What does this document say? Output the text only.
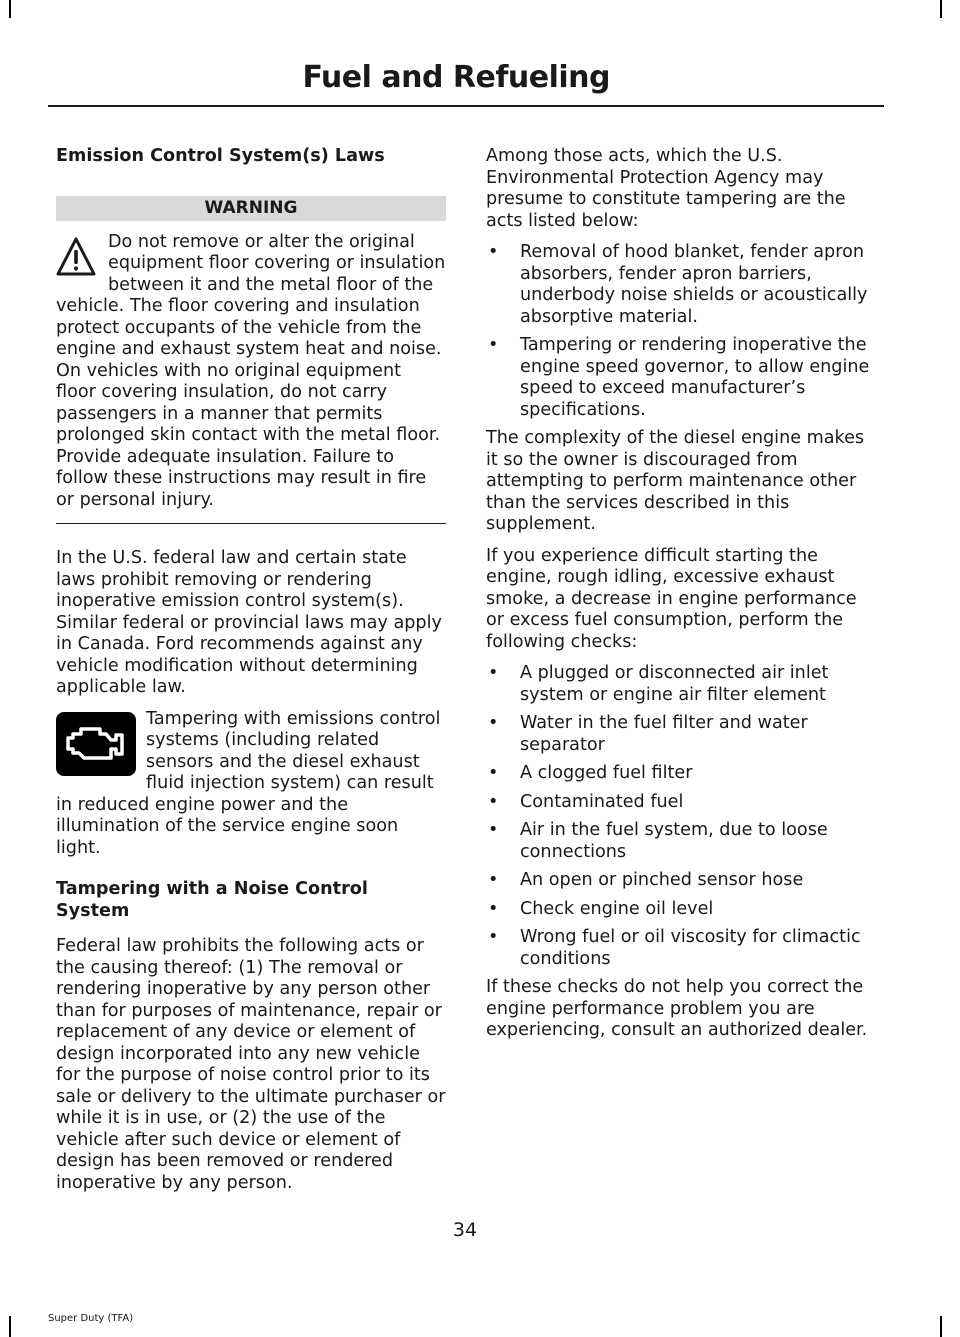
Fuel and Refueling

Emission Control System(s) Laws

WARNING

Do not remove or alter the original equipment floor covering or insulation between it and the metal floor of the vehicle. The floor covering and insulation protect occupants of the vehicle from the engine and exhaust system heat and noise. On vehicles with no original equipment floor covering insulation, do not carry passengers in a manner that permits prolonged skin contact with the metal floor. Provide adequate insulation. Failure to follow these instructions may result in fire or personal injury.

In the U.S. federal law and certain state laws prohibit removing or rendering inoperative emission control system(s). Similar federal or provincial laws may apply in Canada. Ford recommends against any vehicle modification without determining applicable law.

Tampering with emissions control systems (including related sensors and the diesel exhaust fluid injection system) can result in reduced engine power and the illumination of the service engine soon light.

Tampering with a Noise Control System

Federal law prohibits the following acts or the causing thereof: (1) The removal or rendering inoperative by any person other than for purposes of maintenance, repair or replacement of any device or element of design incorporated into any new vehicle for the purpose of noise control prior to its sale or delivery to the ultimate purchaser or while it is in use, or (2) the use of the vehicle after such device or element of design has been removed or rendered inoperative by any person.

Among those acts, which the U.S. Environmental Protection Agency may presume to constitute tampering are the acts listed below:

• Removal of hood blanket, fender apron absorbers, fender apron barriers, underbody noise shields or acoustically absorptive material.
• Tampering or rendering inoperative the engine speed governor, to allow engine speed to exceed manufacturer’s specifications.

The complexity of the diesel engine makes it so the owner is discouraged from attempting to perform maintenance other than the services described in this supplement.

If you experience difficult starting the engine, rough idling, excessive exhaust smoke, a decrease in engine performance or excess fuel consumption, perform the following checks:

• A plugged or disconnected air inlet system or engine air filter element
• Water in the fuel filter and water separator
• A clogged fuel filter
• Contaminated fuel
• Air in the fuel system, due to loose connections
• An open or pinched sensor hose
• Check engine oil level
• Wrong fuel or oil viscosity for climactic conditions

If these checks do not help you correct the engine performance problem you are experiencing, consult an authorized dealer.

34

Super Duty (TFA)
